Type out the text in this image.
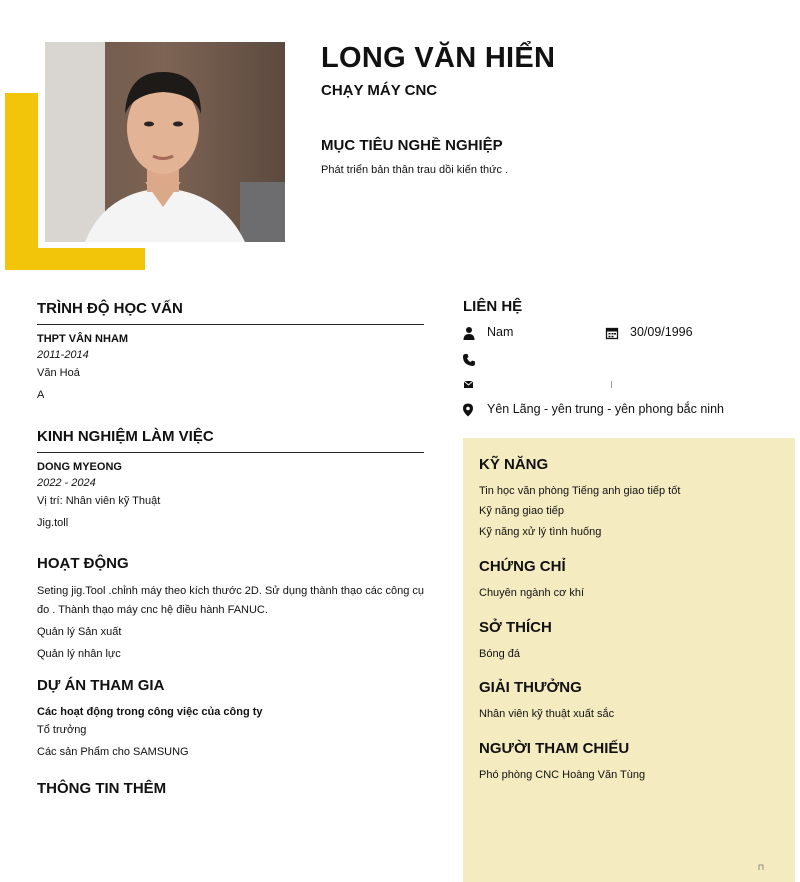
LONG VĂN HIỂN
CHẠY MÁY CNC
MỤC TIÊU NGHỀ NGHIỆP
Phát triển bản thân trau dồi kiến thức .

TRÌNH ĐỘ HỌC VẤN

THPT VÂN NHAM

2011-2014

Văn Hoá

A

KINH NGHIỆM LÀM VIỆC

DONG MYEONG

2022 - 2024

Vị trí: Nhân viên kỹ Thuật

Jig.toll

HOẠT ĐỘNG

Seting jig.Tool .chỉnh máy theo kích thước 2D. Sử dụng thành thạo các công cụ đo . Thành thạo máy cnc hệ điều hành FANUC.

Quản lý Sản xuất

Quản lý nhân lực

DỰ ÁN THAM GIA

Các hoạt động trong công việc của công ty

Tổ trưởng

Các sản Phẩm cho SAMSUNG

THÔNG TIN THÊM

LIÊN HỆ
Nam	30/09/1996
Yên Lãng - yên trung - yên phong bắc ninh
KỸ NĂNG
Tin học văn phòng Tiếng anh giao tiếp tốt
Kỹ năng giao tiếp
Kỹ năng xử lý tình huống
CHỨNG CHỈ
Chuyên ngành cơ khí
SỞ THÍCH
Bóng đá
GIẢI THƯỞNG
Nhân viên kỹ thuật xuất sắc
NGƯỜI THAM CHIẾU
Phó phòng CNC Hoàng Văn Tùng
